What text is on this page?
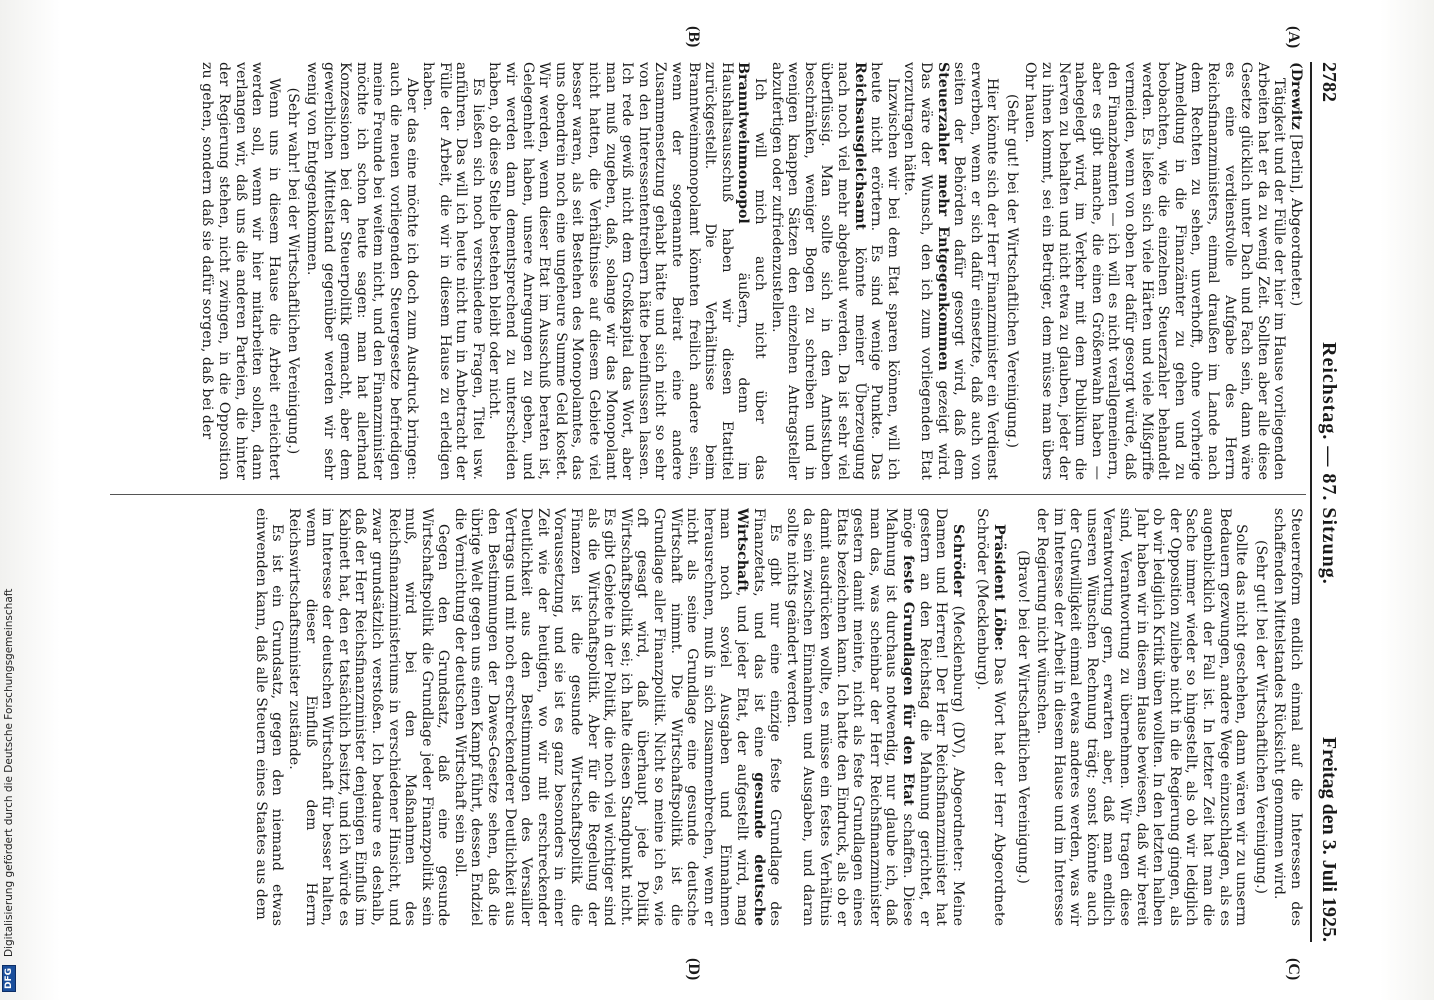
2782
Reichstag. — 87. Sitzung.
Freitag den 3. Juli 1925.
(A)
(B)
(C)
(D)

(Drewitz [Berlin], Abgeordneter.)

Tätigkeit und der Fülle der hier im Hause vorliegenden Arbeiten hat er da zu wenig Zeit. Sollten aber alle diese Gesetze glücklich unter Dach und Fach sein, dann wäre es eine verdienstvolle Aufgabe des Herrn Reichsfinanzministers, einmal draußen im Lande nach dem Rechten zu sehen, unverhofft, ohne vorherige Anmeldung in die Finanzämter zu gehen und zu beobachten, wie die einzelnen Steuerzahler behandelt werden. Es ließen sich viele Härten und viele Mißgriffe vermeiden, wenn von oben her dafür gesorgt würde, daß den Finanzbeamten — ich will es nicht verallgemeinern, aber es gibt manche, die einen Größenwahn haben — nahegelegt wird, im Verkehr mit dem Publikum die Nerven zu behalten und nicht etwa zu glauben, jeder der zu ihnen kommt, sei ein Betrüger, dem müsse man übers Ohr hauen.

(Sehr gut! bei der Wirtschaftlichen Vereinigung.)

Hier könnte sich der Herr Finanzminister ein Verdienst erwerben, wenn er sich dafür einsetzte, daß auch von seiten der Behörden dafür gesorgt wird, daß dem Steuerzahler mehr Entgegenkommen gezeigt wird. Das wäre der Wunsch, den ich zum vorliegenden Etat vorzutragen hätte.

Inzwischen wir bei dem Etat sparen können, will ich heute nicht erörtern. Es sind wenige Punkte. Das Reichsausgleichsamt könnte meiner Überzeugung nach noch viel mehr abgebaut werden. Da ist sehr viel überflüssig. Man sollte sich in den Amtsstuben beschränken, weniger Bogen zu schreiben und in wenigen knappen Sätzen den einzelnen Antragsteller abzufertigen oder zufriedenzustellen.

Ich will mich auch nicht über das Branntweinmonopol äußern, denn im Haushaltsausschuß haben wir diesen Etattitel zurückgestellt. Die Verhältnisse beim Branntweinmonopolamt könnten freilich andere sein, wenn der sogenannte Beirat eine andere Zusammensetzung gehabt hätte und sich nicht so sehr von den Interessententreibern hätte beeinflussen lassen. Ich rede gewiß nicht dem Großkapital das Wort, aber man muß zugeben, daß, solange wir das Monopolamt nicht hatten, die Verhältnisse auf diesem Gebiete viel besser waren, als seit Bestehen des Monopolamtes, das uns obendrein noch eine ungeheure Summe Geld kostet. Wir werden, wenn dieser Etat im Ausschuß beraten ist, Gelegenheit haben, unsere Anregungen zu geben, und wir werden dann dementsprechend zu unterscheiden haben, ob diese Stelle bestehen bleibt oder nicht.

Es ließen sich noch verschiedene Fragen, Titel usw. anführen. Das will ich heute nicht tun in Anbetracht der Fülle der Arbeit, die wir in diesem Hause zu erledigen haben.

Aber das eine möchte ich doch zum Ausdruck bringen: auch die neuen vorliegenden Steuergesetze befriedigen meine Freunde bei weitem nicht, und den Finanzminister möchte ich schon heute sagen: man hat allerhand Konzessionen bei der Steuerpolitik gemacht, aber dem gewerblichen Mittelstand gegenüber werden wir sehr wenig von Entgegenkommen.

(Sehr wahr! bei der Wirtschaftlichen Vereinigung.)

Wenn uns in diesem Hause die Arbeit erleichtert werden soll, wenn wir hier mitarbeiten sollen, dann verlangen wir, daß uns die anderen Parteien, die hinter der Regierung stehen, nicht zwingen, in die Opposition zu gehen, sondern daß sie dafür sorgen, daß bei der

Steuerreform endlich einmal auf die Interessen des schaffenden Mittelstandes Rücksicht genommen wird.

(Sehr gut! bei der Wirtschaftlichen Vereinigung.)

Sollte das nicht geschehen, dann wären wir zu unserm Bedauern gezwungen, andere Wege einzuschlagen, als es augenblicklich der Fall ist. In letzter Zeit hat man die Sache immer wieder so hingestellt, als ob wir lediglich der Opposition zuliebe nicht in die Regierung gingen, als ob wir lediglich Kritik üben wollten. In den letzten halben Jahr haben wir in diesem Hause bewiesen, daß wir bereit sind, Verantwortung zu übernehmen. Wir tragen diese Verantwortung gern, erwarten aber, daß man endlich unseren Wünschen Rechnung trägt; sonst könnte auch der Gutwilligkeit einmal etwas anderes werden, was wir im Interesse der Arbeit in diesem Hause und im Interesse der Regierung nicht wünschen.

(Bravo! bei der Wirtschaftlichen Vereinigung.)

Präsident Löbe: Das Wort hat der Herr Abgeordnete Schröder (Mecklenburg).

Schröder (Mecklenburg) (DV), Abgeordneter: Meine Damen und Herren! Der Herr Reichsfinanzminister hat gestern an den Reichstag die Mahnung gerichtet, er möge feste Grundlagen für den Etat schaffen. Diese Mahnung ist durchaus notwendig, nur glaube ich, daß man das, was scheinbar der Herr Reichsfinanzminister gestern damit meinte, nicht als feste Grundlagen eines Etats bezeichnen kann. Ich hatte den Eindruck, als ob er damit ausdrücken wollte, es müsse ein festes Verhältnis da sein zwischen Einnahmen und Ausgaben, und daran sollte nichts geändert werden.

Es gibt nur eine einzige feste Grundlage des Finanzetats, und das ist eine gesunde deutsche Wirtschaft, und jeder Etat, der aufgestellt wird, mag man noch soviel Ausgaben und Einnahmen herausrechnen, muß in sich zusammenbrechen, wenn er nicht als seine Grundlage eine gesunde deutsche Wirtschaft nimmt. Die Wirtschaftspolitik ist die Grundlage aller Finanzpolitik. Nicht so meine ich es, wie oft gesagt wird, daß überhaupt jede Politik Wirtschaftspolitik sei; ich halte diesen Standpunkt nicht. Es gibt Gebiete in der Politik, die noch viel wichtiger sind als die Wirtschaftspolitik. Aber für die Regelung der Finanzen ist die gesunde Wirtschaftspolitik die Voraussetzung, und sie ist es ganz besonders in einer Zeit wie der heutigen, wo wir mit erschreckender Deutlichkeit aus den Bestimmungen des Versailler Vertrags und mit noch erschreckenderer Deutlichkeit aus den Bestimmungen der Dawes-Gesetze sehen, daß die übrige Welt gegen uns einen Kampf führt, dessen Endziel die Vernichtung der deutschen Wirtschaft sein soll.

Gegen den Grundsatz, daß eine gesunde Wirtschaftspolitik die Grundlage jeder Finanzpolitik sein muß, wird bei den Maßnahmen des Reichsfinanzministeriums in verschiedener Hinsicht, und zwar grundsätzlich verstoßen. Ich bedaure es deshalb, daß der Herr Reichsfinanzminister denjenigen Einfluß im Kabinett hat, den er tatsächlich besitzt, und ich würde es im Interesse der deutschen Wirtschaft für besser halten, wenn dieser Einfluß dem Herrn Reichswirtschaftsminister zustände.

Es ist ein Grundsatz, gegen den niemand etwas einwenden kann, daß alle Steuern eines Staates aus dem

DFG
Digitalisierung gefördert durch die Deutsche Forschungsgemeinschaft
